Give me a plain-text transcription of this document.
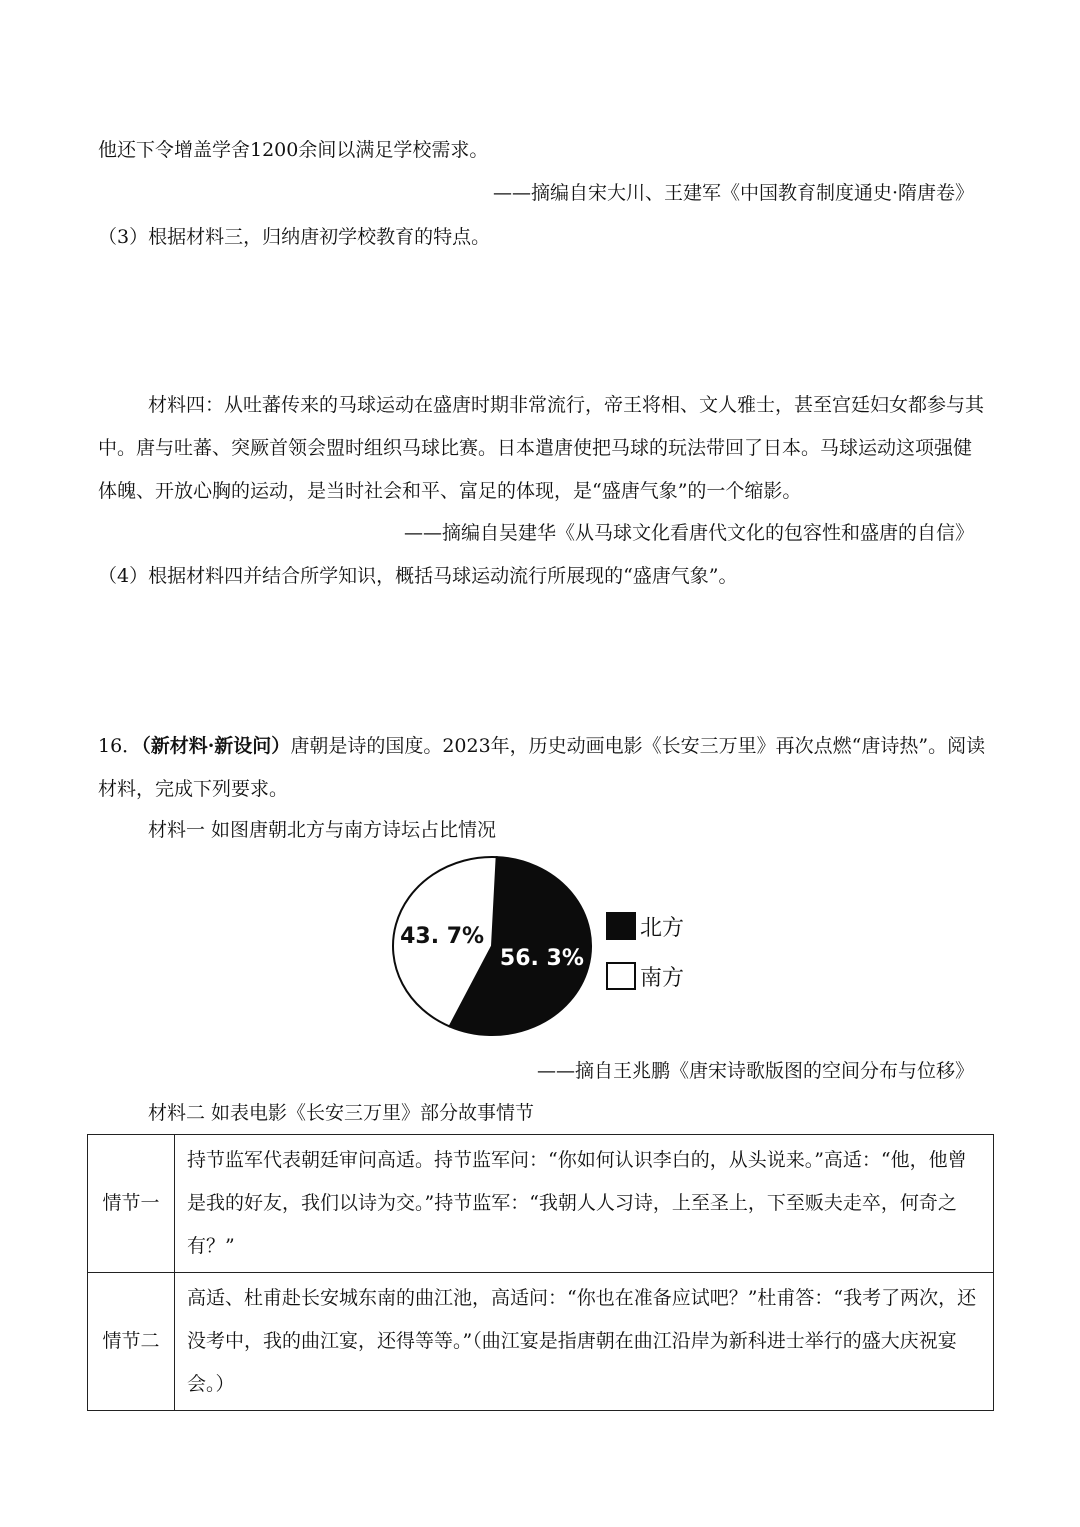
他还下令增盖学舍1200余间以满足学校需求。
——摘编自宋大川、王建军《中国教育制度通史·隋唐卷》
（3）根据材料三，归纳唐初学校教育的特点。
材料四：从吐蕃传来的马球运动在盛唐时期非常流行，帝王将相、文人雅士，甚至宫廷妇女都参与其
中。唐与吐蕃、突厥首领会盟时组织马球比赛。日本遣唐使把马球的玩法带回了日本。马球运动这项强健
体魄、开放心胸的运动，是当时社会和平、富足的体现，是“盛唐气象”的一个缩影。
——摘编自吴建华《从马球文化看唐代文化的包容性和盛唐的自信》
（4）根据材料四并结合所学知识，概括马球运动流行所展现的“盛唐气象”。
16．（新材料·新设问）唐朝是诗的国度。2023年，历史动画电影《长安三万里》再次点燃“唐诗热”。阅读
材料，完成下列要求。
材料一 如图唐朝北方与南方诗坛占比情况
56. 3%
43. 7%	北方
南方
——摘自王兆鹏《唐宋诗歌版图的空间分布与位移》
材料二 如表电影《长安三万里》部分故事情节
情节一	持节监军代表朝廷审问高适。持节监军问：“你如何认识李白的，从头说来。”高适：“他，他曾
是我的好友，我们以诗为交。”持节监军：“我朝人人习诗，上至圣上，下至贩夫走卒，何奇之有？”

情节二	高适、杜甫赴长安城东南的曲江池，高适问：“你也在准备应试吧？”杜甫答：“我考了两次，还
没考中，我的曲江宴，还得等等。”（曲江宴是指唐朝在曲江沿岸为新科进士举行的盛大庆祝宴
会。）
